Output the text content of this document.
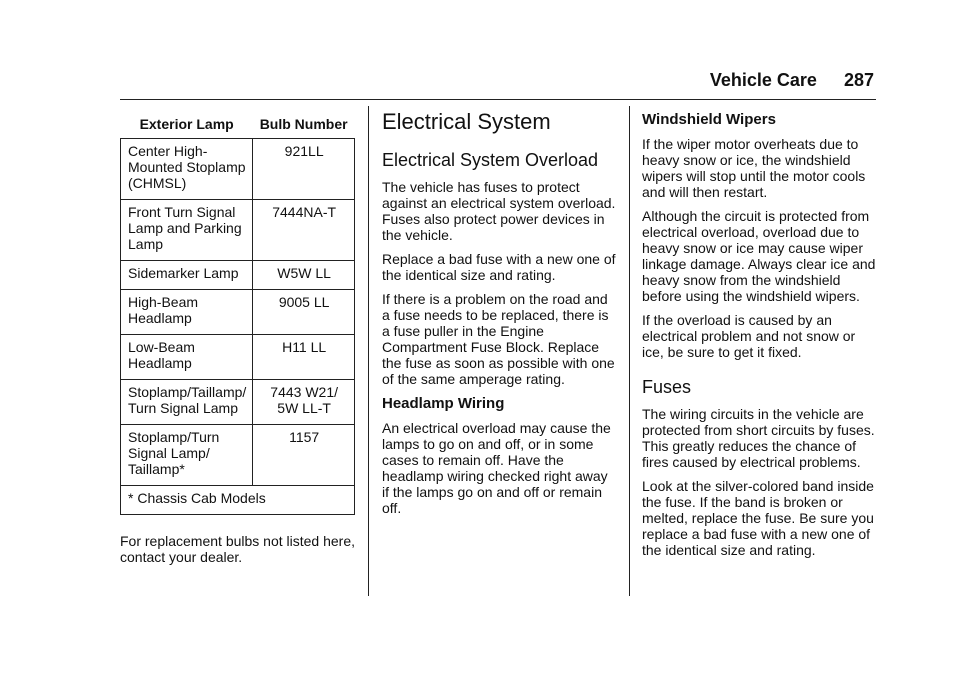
Vehicle Care 287
Exterior Lamp	Bulb Number
Center High-Mounted Stoplamp (CHMSL)	921LL
Front Turn Signal Lamp and Parking Lamp	7444NA-T
Sidemarker Lamp	W5W LL
High-Beam Headlamp	9005 LL
Low-Beam Headlamp	H11 LL
Stoplamp/Taillamp/ Turn Signal Lamp	7443 W21/ 5W LL-T
Stoplamp/Turn Signal Lamp/ Taillamp*	1157
* Chassis Cab Models	

For replacement bulbs not listed here, contact your dealer.

Electrical System
Electrical System Overload

The vehicle has fuses to protect against an electrical system overload. Fuses also protect power devices in the vehicle.

Replace a bad fuse with a new one of the identical size and rating.

If there is a problem on the road and a fuse needs to be replaced, there is a fuse puller in the Engine Compartment Fuse Block. Replace the fuse as soon as possible with one of the same amperage rating.

Headlamp Wiring

An electrical overload may cause the lamps to go on and off, or in some cases to remain off. Have the headlamp wiring checked right away if the lamps go on and off or remain off.

Windshield Wipers

If the wiper motor overheats due to heavy snow or ice, the windshield wipers will stop until the motor cools and will then restart.

Although the circuit is protected from electrical overload, overload due to heavy snow or ice may cause wiper linkage damage. Always clear ice and heavy snow from the windshield before using the windshield wipers.

If the overload is caused by an electrical problem and not snow or ice, be sure to get it fixed.

Fuses

The wiring circuits in the vehicle are protected from short circuits by fuses. This greatly reduces the chance of fires caused by electrical problems.

Look at the silver-colored band inside the fuse. If the band is broken or melted, replace the fuse. Be sure you replace a bad fuse with a new one of the identical size and rating.
